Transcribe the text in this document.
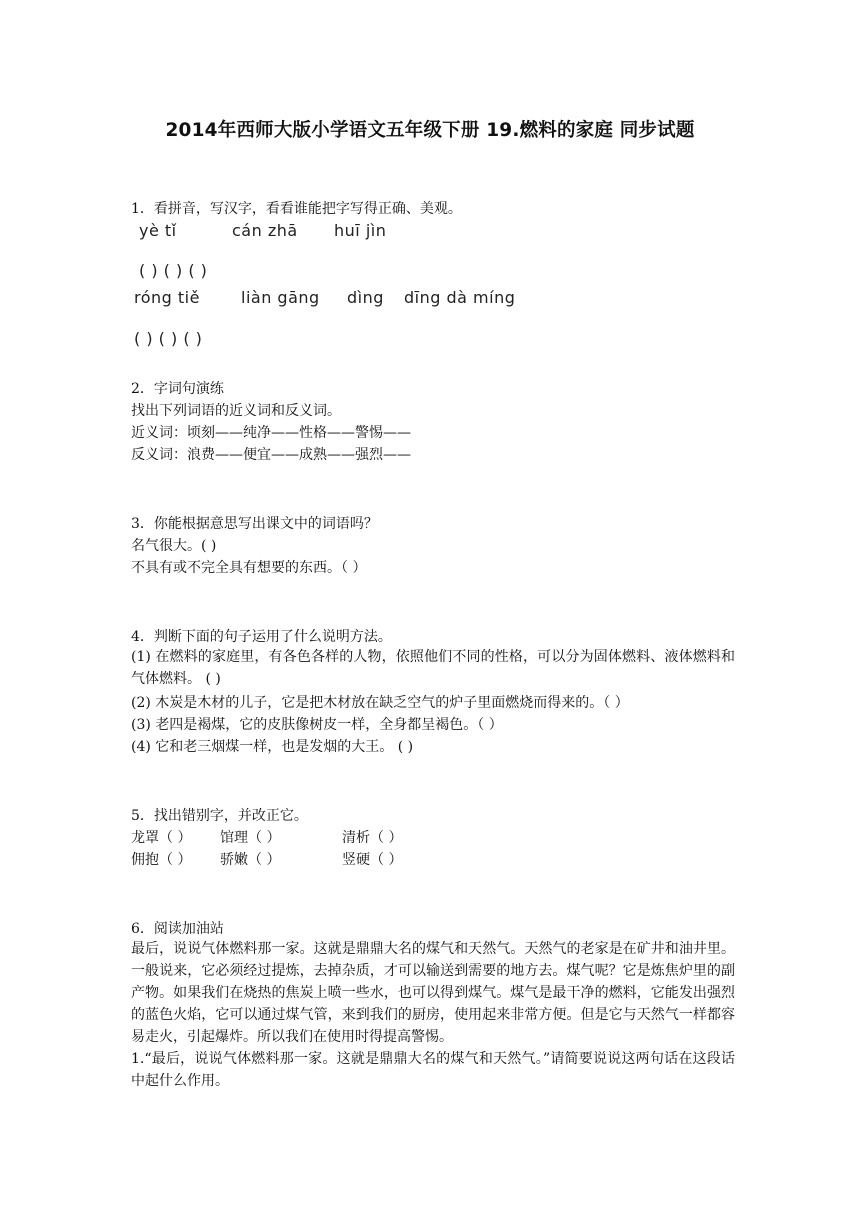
2014年西师大版小学语文五年级下册 19.燃料的家庭 同步试题
1．看拼音，写汉字，看看谁能把字写得正确、美观。
yè tǐ	cán zhā huī jìn
( ) ( ) ( )
róng tiě	liàn gāng dìng dīng dà míng
( ) ( ) ( )
2．字词句演练
找出下列词语的近义词和反义词。
近义词：顷刻——纯净——性格——警惕——
反义词：浪费——便宜——成熟——强烈——
3．你能根据意思写出课文中的词语吗？
名气很大。( )
不具有或不完全具有想要的东西。（ ）
4．判断下面的句子运用了什么说明方法。
(1) 在燃料的家庭里，有各色各样的人物，依照他们不同的性格，可以分为固体燃料、液体燃料和气体燃料。 ( )
(2) 木炭是木材的儿子，它是把木材放在缺乏空气的炉子里面燃烧而得来的。（ ）
(3) 老四是褐煤，它的皮肤像树皮一样，全身都呈褐色。（ ）
(4) 它和老三烟煤一样，也是发烟的大王。 ( )
5．找出错别字，并改正它。
龙罩（ ） 馆理（ ）	清析（ ）
佣抱（ ） 骄嫩（ ）	竖硬（ ）
6．阅读加油站
最后，说说气体燃料那一家。这就是鼎鼎大名的煤气和天然气。天然气的老家是在矿井和油井里。一般说来，它必须经过提炼，去掉杂质，才可以输送到需要的地方去。煤气呢？它是炼焦炉里的副产物。如果我们在烧热的焦炭上喷一些水，也可以得到煤气。煤气是最干净的燃料，它能发出强烈的蓝色火焰，它可以通过煤气管，来到我们的厨房，使用起来非常方便。但是它与天然气一样都容易走火，引起爆炸。所以我们在使用时得提高警惕。
1.“最后，说说气体燃料那一家。这就是鼎鼎大名的煤气和天然气。”请简要说说这两句话在这段话中起什么作用。
